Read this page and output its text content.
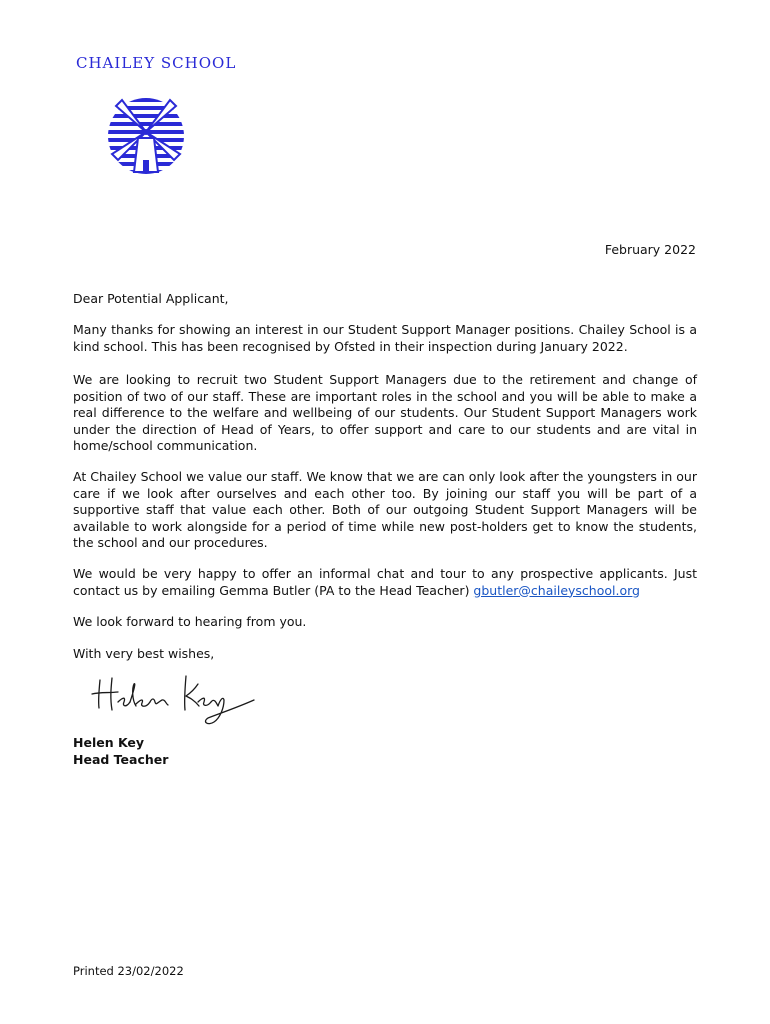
CHAILEY SCHOOL
February 2022

Dear Potential Applicant,

Many thanks for showing an interest in our Student Support Manager positions. Chailey School is a kind school. This has been recognised by Ofsted in their inspection during January 2022.

We are looking to recruit two Student Support Managers due to the retirement and change of position of two of our staff. These are important roles in the school and you will be able to make a real difference to the welfare and wellbeing of our students. Our Student Support Managers work under the direction of Head of Years, to offer support and care to our students and are vital in home/school communication.

At Chailey School we value our staff. We know that we are can only look after the youngsters in our care if we look after ourselves and each other too. By joining our staff you will be part of a supportive staff that value each other. Both of our outgoing Student Support Managers will be available to work alongside for a period of time while new post-holders get to know the students, the school and our procedures.

We would be very happy to offer an informal chat and tour to any prospective applicants. Just contact us by emailing Gemma Butler (PA to the Head Teacher) gbutler@chaileyschool.org

We look forward to hearing from you.

With very best wishes,

Helen Key
Head Teacher
Printed 23/02/2022
